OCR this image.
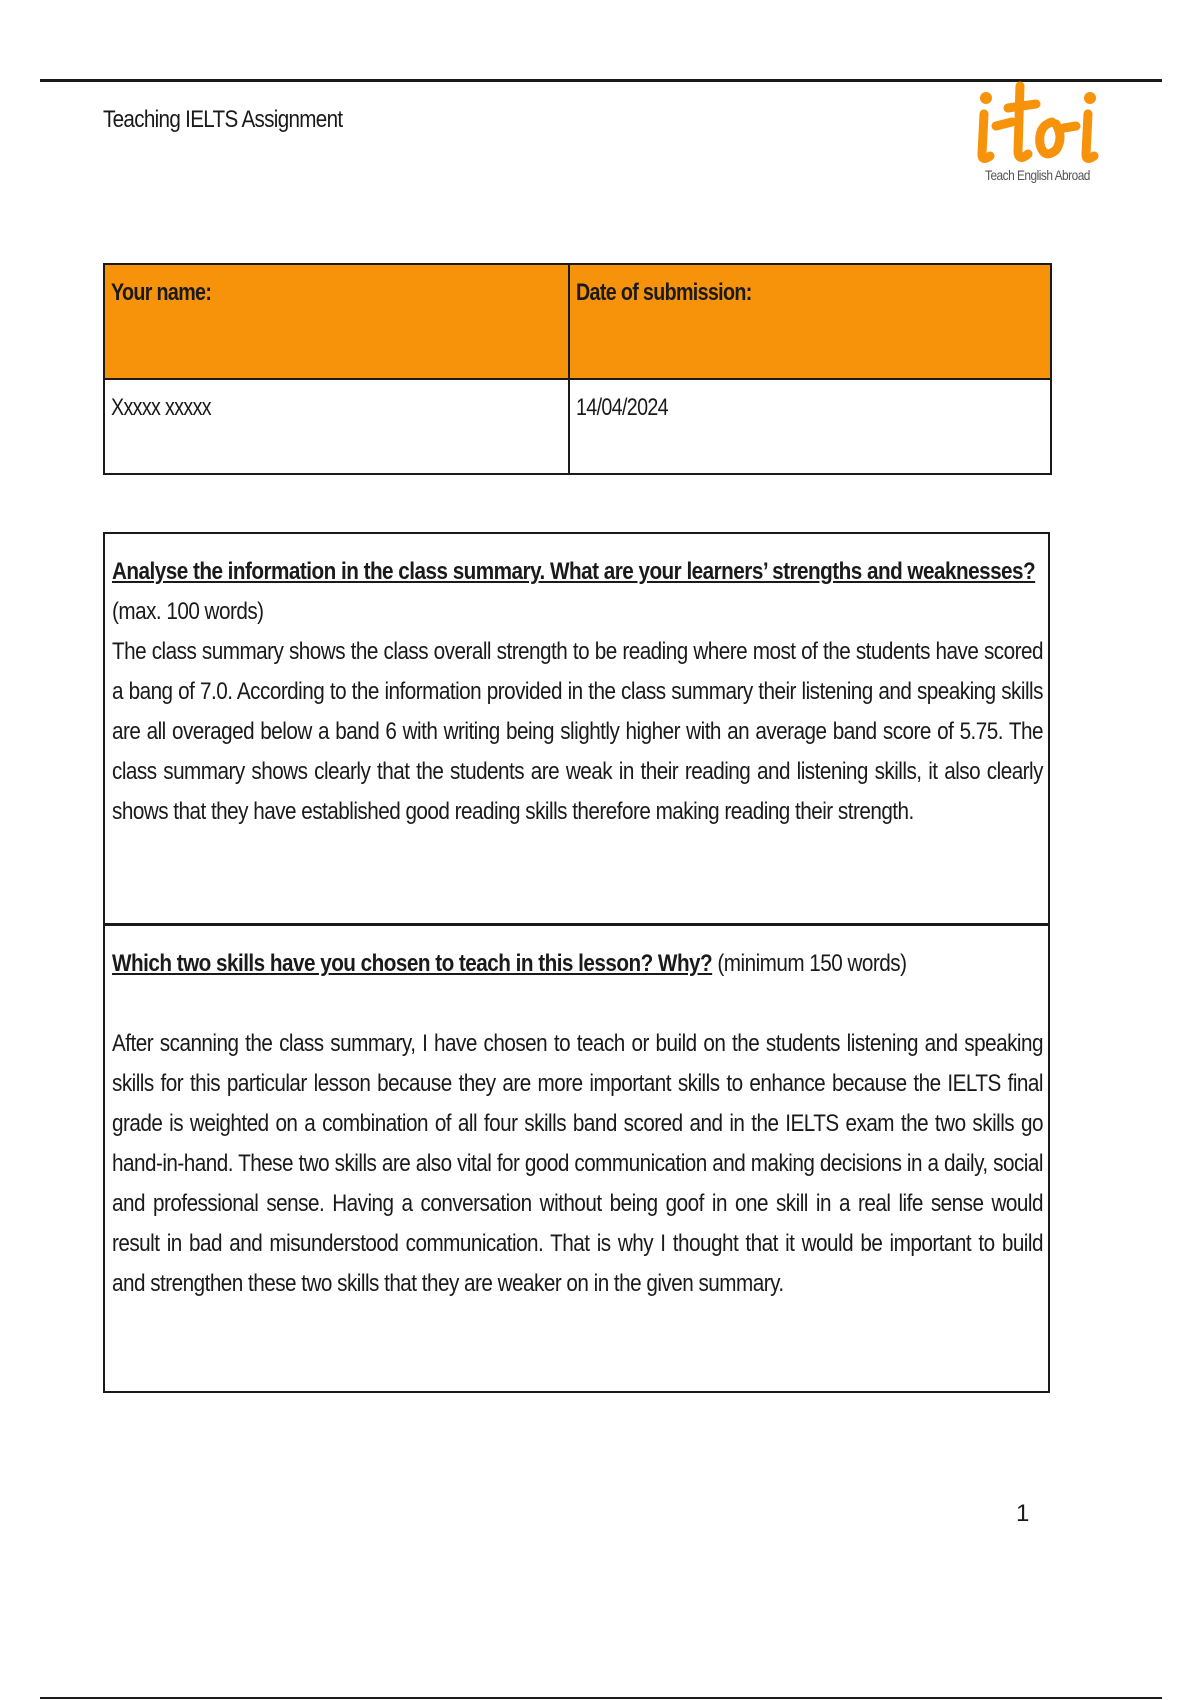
Teaching IELTS Assignment
Teach English Abroad
Your name:	Date of submission:
Xxxxx xxxxx	14/04/2024
Analyse the information in the class summary. What are your learners’ strengths and weaknesses?
(max. 100 words)

The class summary shows the class overall strength to be reading where most of the students have scored a bang of 7.0. According to the information provided in the class summary their listening and speaking skills are all overaged below a band 6 with writing being slightly higher with an average band score of 5.75. The class summary shows clearly that the students are weak in their reading and listening skills, it also clearly shows that they have established good reading skills therefore making reading their strength.

Which two skills have you chosen to teach in this lesson? Why? (minimum 150 words)

After scanning the class summary, I have chosen to teach or build on the students listening and speaking skills for this particular lesson because they are more important skills to enhance because the IELTS final grade is weighted on a combination of all four skills band scored and in the IELTS exam the two skills go hand-in-hand. These two skills are also vital for good communication and making decisions in a daily, social and professional sense. Having a conversation without being goof in one skill in a real life sense would result in bad and misunderstood communication. That is why I thought that it would be important to build and strengthen these two skills that they are weaker on in the given summary.

1
